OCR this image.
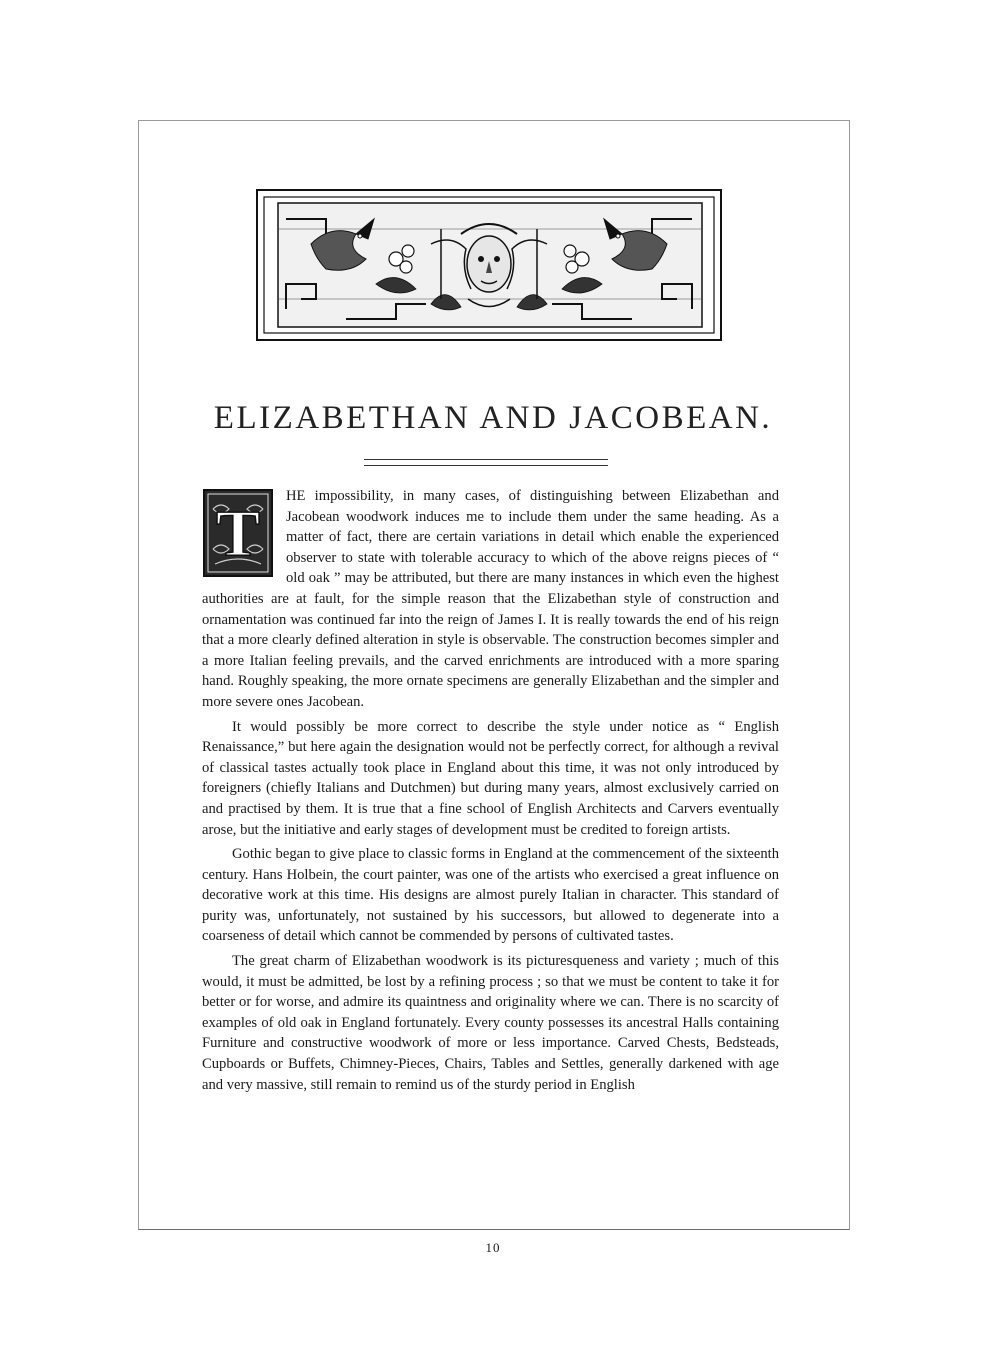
ELIZABETHAN AND JACOBEAN.
T

HE impossibility, in many cases, of distinguishing between Elizabethan and Jacobean woodwork induces me to include them under the same heading. As a matter of fact, there are certain variations in detail which enable the experienced observer to state with tolerable accuracy to which of the above reigns pieces of “ old oak ” may be attributed, but there are many instances in which even the highest authorities are at fault, for the simple reason that the Elizabethan style of construction and ornamentation was continued far into the reign of James I. It is really towards the end of his reign that a more clearly defined alteration in style is observable. The construction becomes simpler and a more Italian feeling prevails, and the carved enrichments are introduced with a more sparing hand. Roughly speaking, the more ornate specimens are generally Elizabethan and the simpler and more severe ones Jacobean.

It would possibly be more correct to describe the style under notice as “ English Renaissance,” but here again the designation would not be perfectly correct, for although a revival of classical tastes actually took place in England about this time, it was not only introduced by foreigners (chiefly Italians and Dutchmen) but during many years, almost exclusively carried on and practised by them. It is true that a fine school of English Architects and Carvers eventually arose, but the initiative and early stages of development must be credited to foreign artists.

Gothic began to give place to classic forms in England at the commencement of the sixteenth century. Hans Holbein, the court painter, was one of the artists who exercised a great influence on decorative work at this time. His designs are almost purely Italian in character. This standard of purity was, unfortunately, not sustained by his successors, but allowed to degenerate into a coarseness of detail which cannot be commended by persons of cultivated tastes.

The great charm of Elizabethan woodwork is its picturesqueness and variety ; much of this would, it must be admitted, be lost by a refining process ; so that we must be content to take it for better or for worse, and admire its quaintness and originality where we can. There is no scarcity of examples of old oak in England fortunately. Every county possesses its ancestral Halls containing Furniture and constructive woodwork of more or less importance. Carved Chests, Bedsteads, Cupboards or Buffets, Chimney-Pieces, Chairs, Tables and Settles, generally darkened with age and very massive, still remain to remind us of the sturdy period in English

10
